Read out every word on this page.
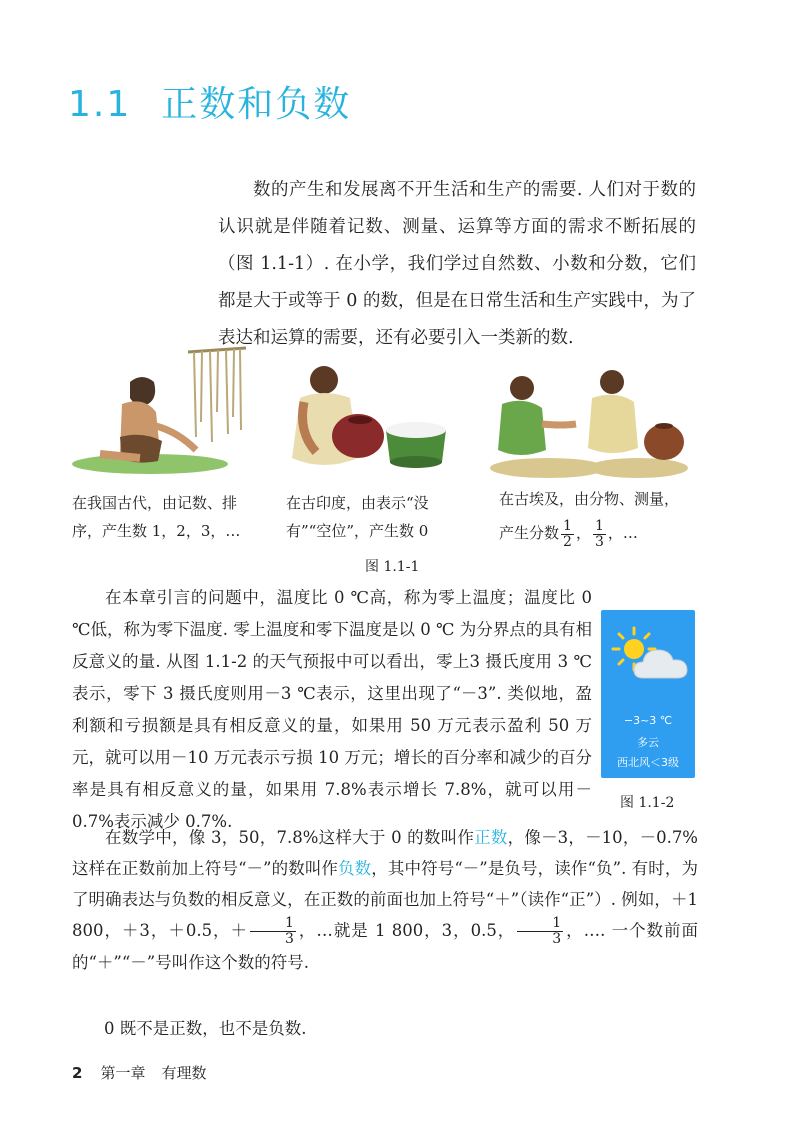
1.1 正数和负数

数的产生和发展离不开生活和生产的需要. 人们对于数的认识就是伴随着记数、测量、运算等方面的需求不断拓展的（图 1.1-1）. 在小学，我们学过自然数、小数和分数，它们都是大于或等于 0 的数，但是在日常生活和生产实践中，为了表达和运算的需要，还有必要引入一类新的数.

在我国古代，由记数、排序，产生数 1，2，3，…

在古印度，由表示“没有”“空位”，产生数 0

在古埃及，由分物、测量，
产生分数 $\frac{1}{2}$ ， $\frac{1}{3}$ ，…

图 1.1-1

在本章引言的问题中，温度比 0 ℃高，称为零上温度；温度比 0 ℃低，称为零下温度. 零上温度和零下温度是以 0 ℃ 为分界点的具有相反意义的量. 从图 1.1-2 的天气预报中可以看出，零上3 摄氏度用 3 ℃表示，零下 3 摄氏度则用－3 ℃表示，这里出现了“－3”. 类似地，盈利额和亏损额是具有相反意义的量，如果用 50 万元表示盈利 50 万元，就可以用－10 万元表示亏损 10 万元；增长的百分率和减少的百分率是具有相反意义的量，如果用 7.8%表示增长 7.8%，就可以用－0.7%表示减少 0.7%.

−3~3 ℃
多云
西北风＜3级

图 1.1-2

在数学中，像 3，50，7.8%这样大于 0 的数叫作正数，像－3，－10，－0.7%这样在正数前加上符号“－”的数叫作负数，其中符号“－”是负号，读作“负”. 有时，为了明确表达与负数的相反意义，在正数的前面也加上符号“＋”（读作“正”）. 例如，＋1 800，＋3，＋0.5，＋ $\frac{1}{3}$ ，…就是 1 800，3，0.5， $\frac{1}{3}$ ，…. 一个数前面的“＋”“－”号叫作这个数的符号.

0 既不是正数，也不是负数.

2 第一章 有理数
